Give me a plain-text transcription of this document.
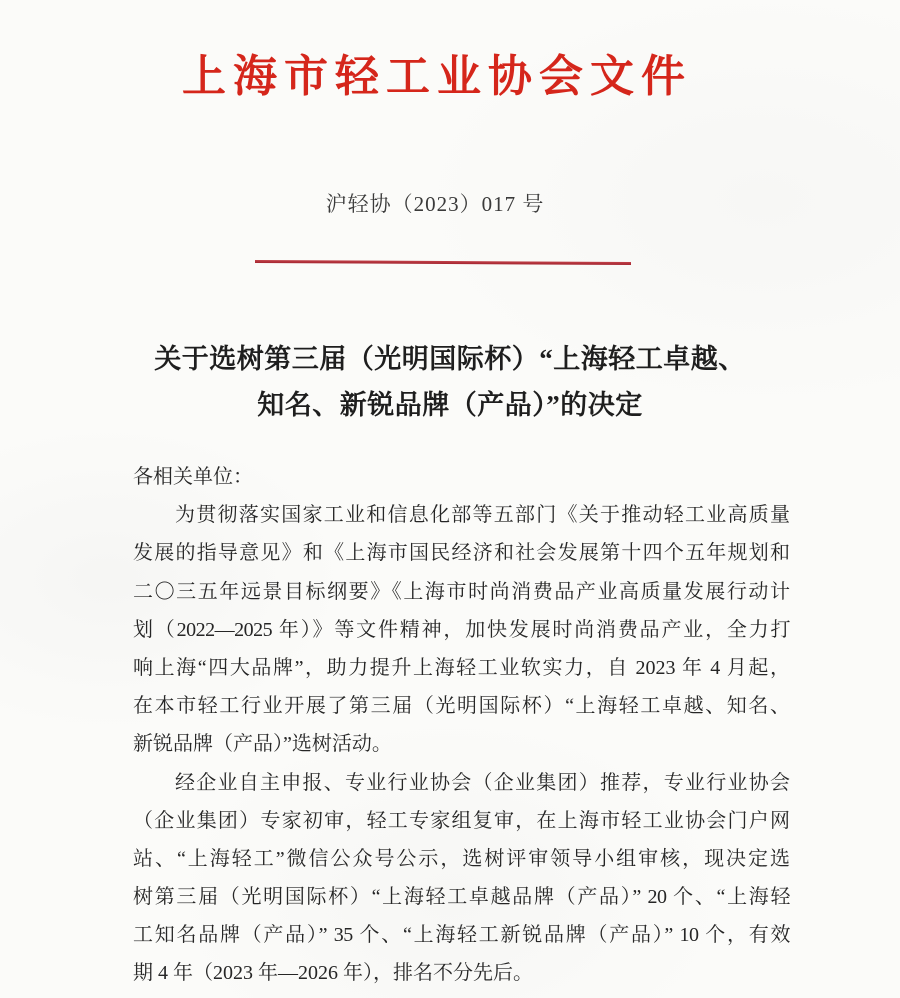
上海市轻工业协会文件
沪轻协（2023）017 号
关于选树第三届（光明国际杯）“上海轻工卓越、
知名、新锐品牌（产品）”的决定
各相关单位：
为贯彻落实国家工业和信息化部等五部门《关于推动轻工业高质量
发展的指导意见》和《上海市国民经济和社会发展第十四个五年规划和
二〇三五年远景目标纲要》《上海市时尚消费品产业高质量发展行动计
划（2022—2025 年）》等文件精神，加快发展时尚消费品产业，全力打
响上海“四大品牌”，助力提升上海轻工业软实力，自 2023 年 4 月起，
在本市轻工行业开展了第三届（光明国际杯）“上海轻工卓越、知名、
新锐品牌（产品）”选树活动。
经企业自主申报、专业行业协会（企业集团）推荐，专业行业协会
（企业集团）专家初审，轻工专家组复审，在上海市轻工业协会门户网
站、“上海轻工”微信公众号公示，选树评审领导小组审核，现决定选
树第三届（光明国际杯）“上海轻工卓越品牌（产品）” 20 个、“上海轻
工知名品牌（产品）” 35 个、“上海轻工新锐品牌（产品）” 10 个，有效
期 4 年（2023 年—2026 年），排名不分先后。
